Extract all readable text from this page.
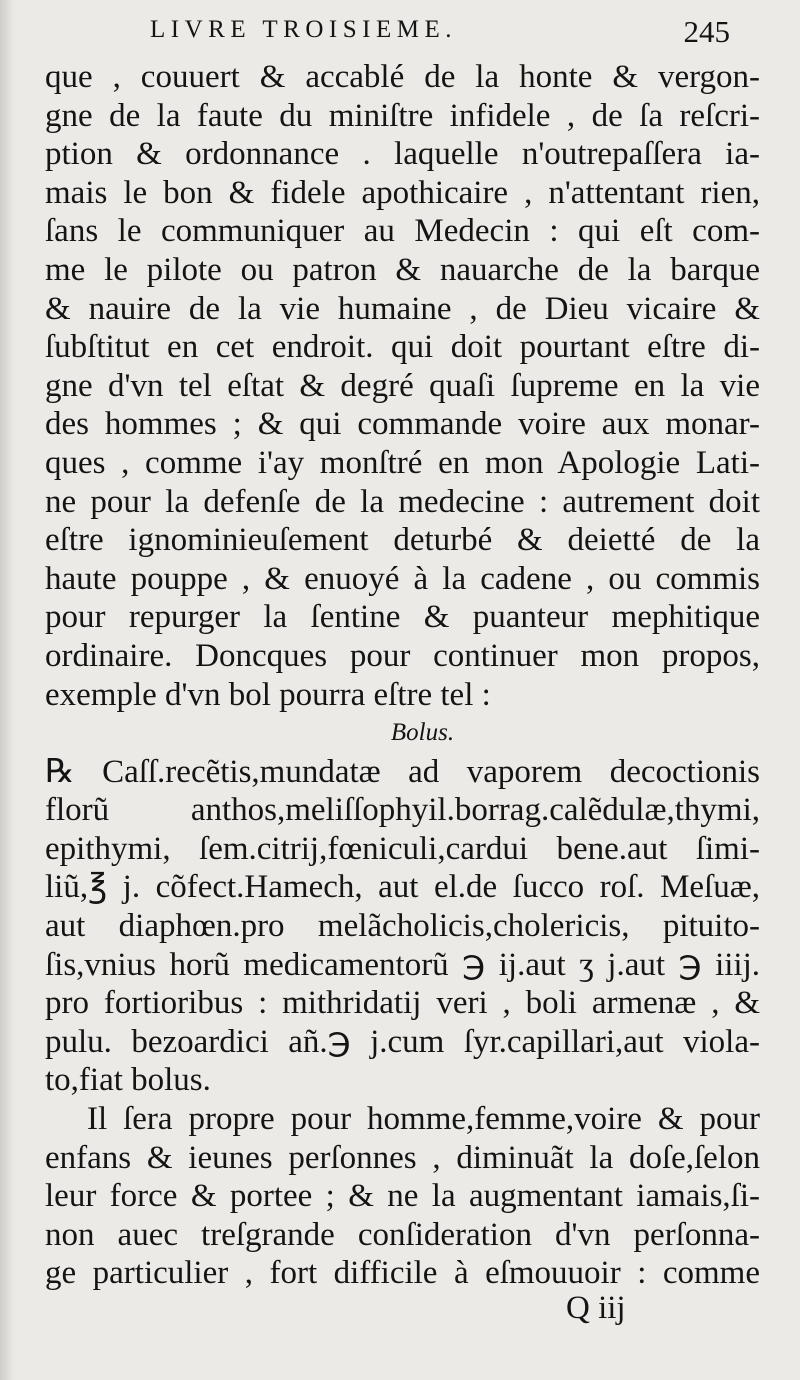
LIVRE TROISIEME.	245
que , couuert & accablé de la honte & vergon-
gne de la faute du miniſtre infidele , de ſa reſcri-
ption & ordonnance . laquelle n'outrepaſſera ia-
mais le bon & fidele apothicaire , n'attentant rien,
ſans le communiquer au Medecin : qui eſt com-
me le pilote ou patron & nauarche de la barque
& nauire de la vie humaine , de Dieu vicaire &
ſubſtitut en cet endroit. qui doit pourtant eſtre di-
gne d'vn tel eſtat & degré quaſi ſupreme en la vie
des hommes ; & qui commande voire aux monar-
ques , comme i'ay monſtré en mon Apologie Lati-
ne pour la defenſe de la medecine : autrement doit
eſtre ignominieuſement deturbé & deietté de la
haute pouppe , & enuoyé à la cadene , ou commis
pour repurger la ſentine & puanteur mephitique
ordinaire. Doncques pour continuer mon propos,
exemple d'vn bol pourra eſtre tel :
Bolus.
℞ Caſſ.recẽtis,mundatæ ad vaporem decoctionis
florũ anthos,meliſſophyil.borrag.calẽdulæ,thymi,
epithymi, ſem.citrij,fœniculi,cardui bene.aut ſimi-
liũ,℥ j. cõfect.Hamech, aut el.de ſucco roſ. Meſuæ,
aut diaphœn.pro melãcholicis,cholericis, pituito-
ſis,vnius horũ medicamentorũ ℈ ij.aut ʒ j.aut ℈ iiij.
pro fortioribus : mithridatij veri , boli armenæ , &
pulu. bezoardici añ.℈ j.cum ſyr.capillari,aut viola-
to,fiat bolus.
Il ſera propre pour homme,femme,voire & pour
enfans & ieunes perſonnes , diminuãt la doſe,ſelon
leur force & portee ; & ne la augmentant iamais,ſi-
non auec treſgrande conſideration d'vn perſonna-
ge particulier , fort difficile à eſmouuoir : comme
Q iij
